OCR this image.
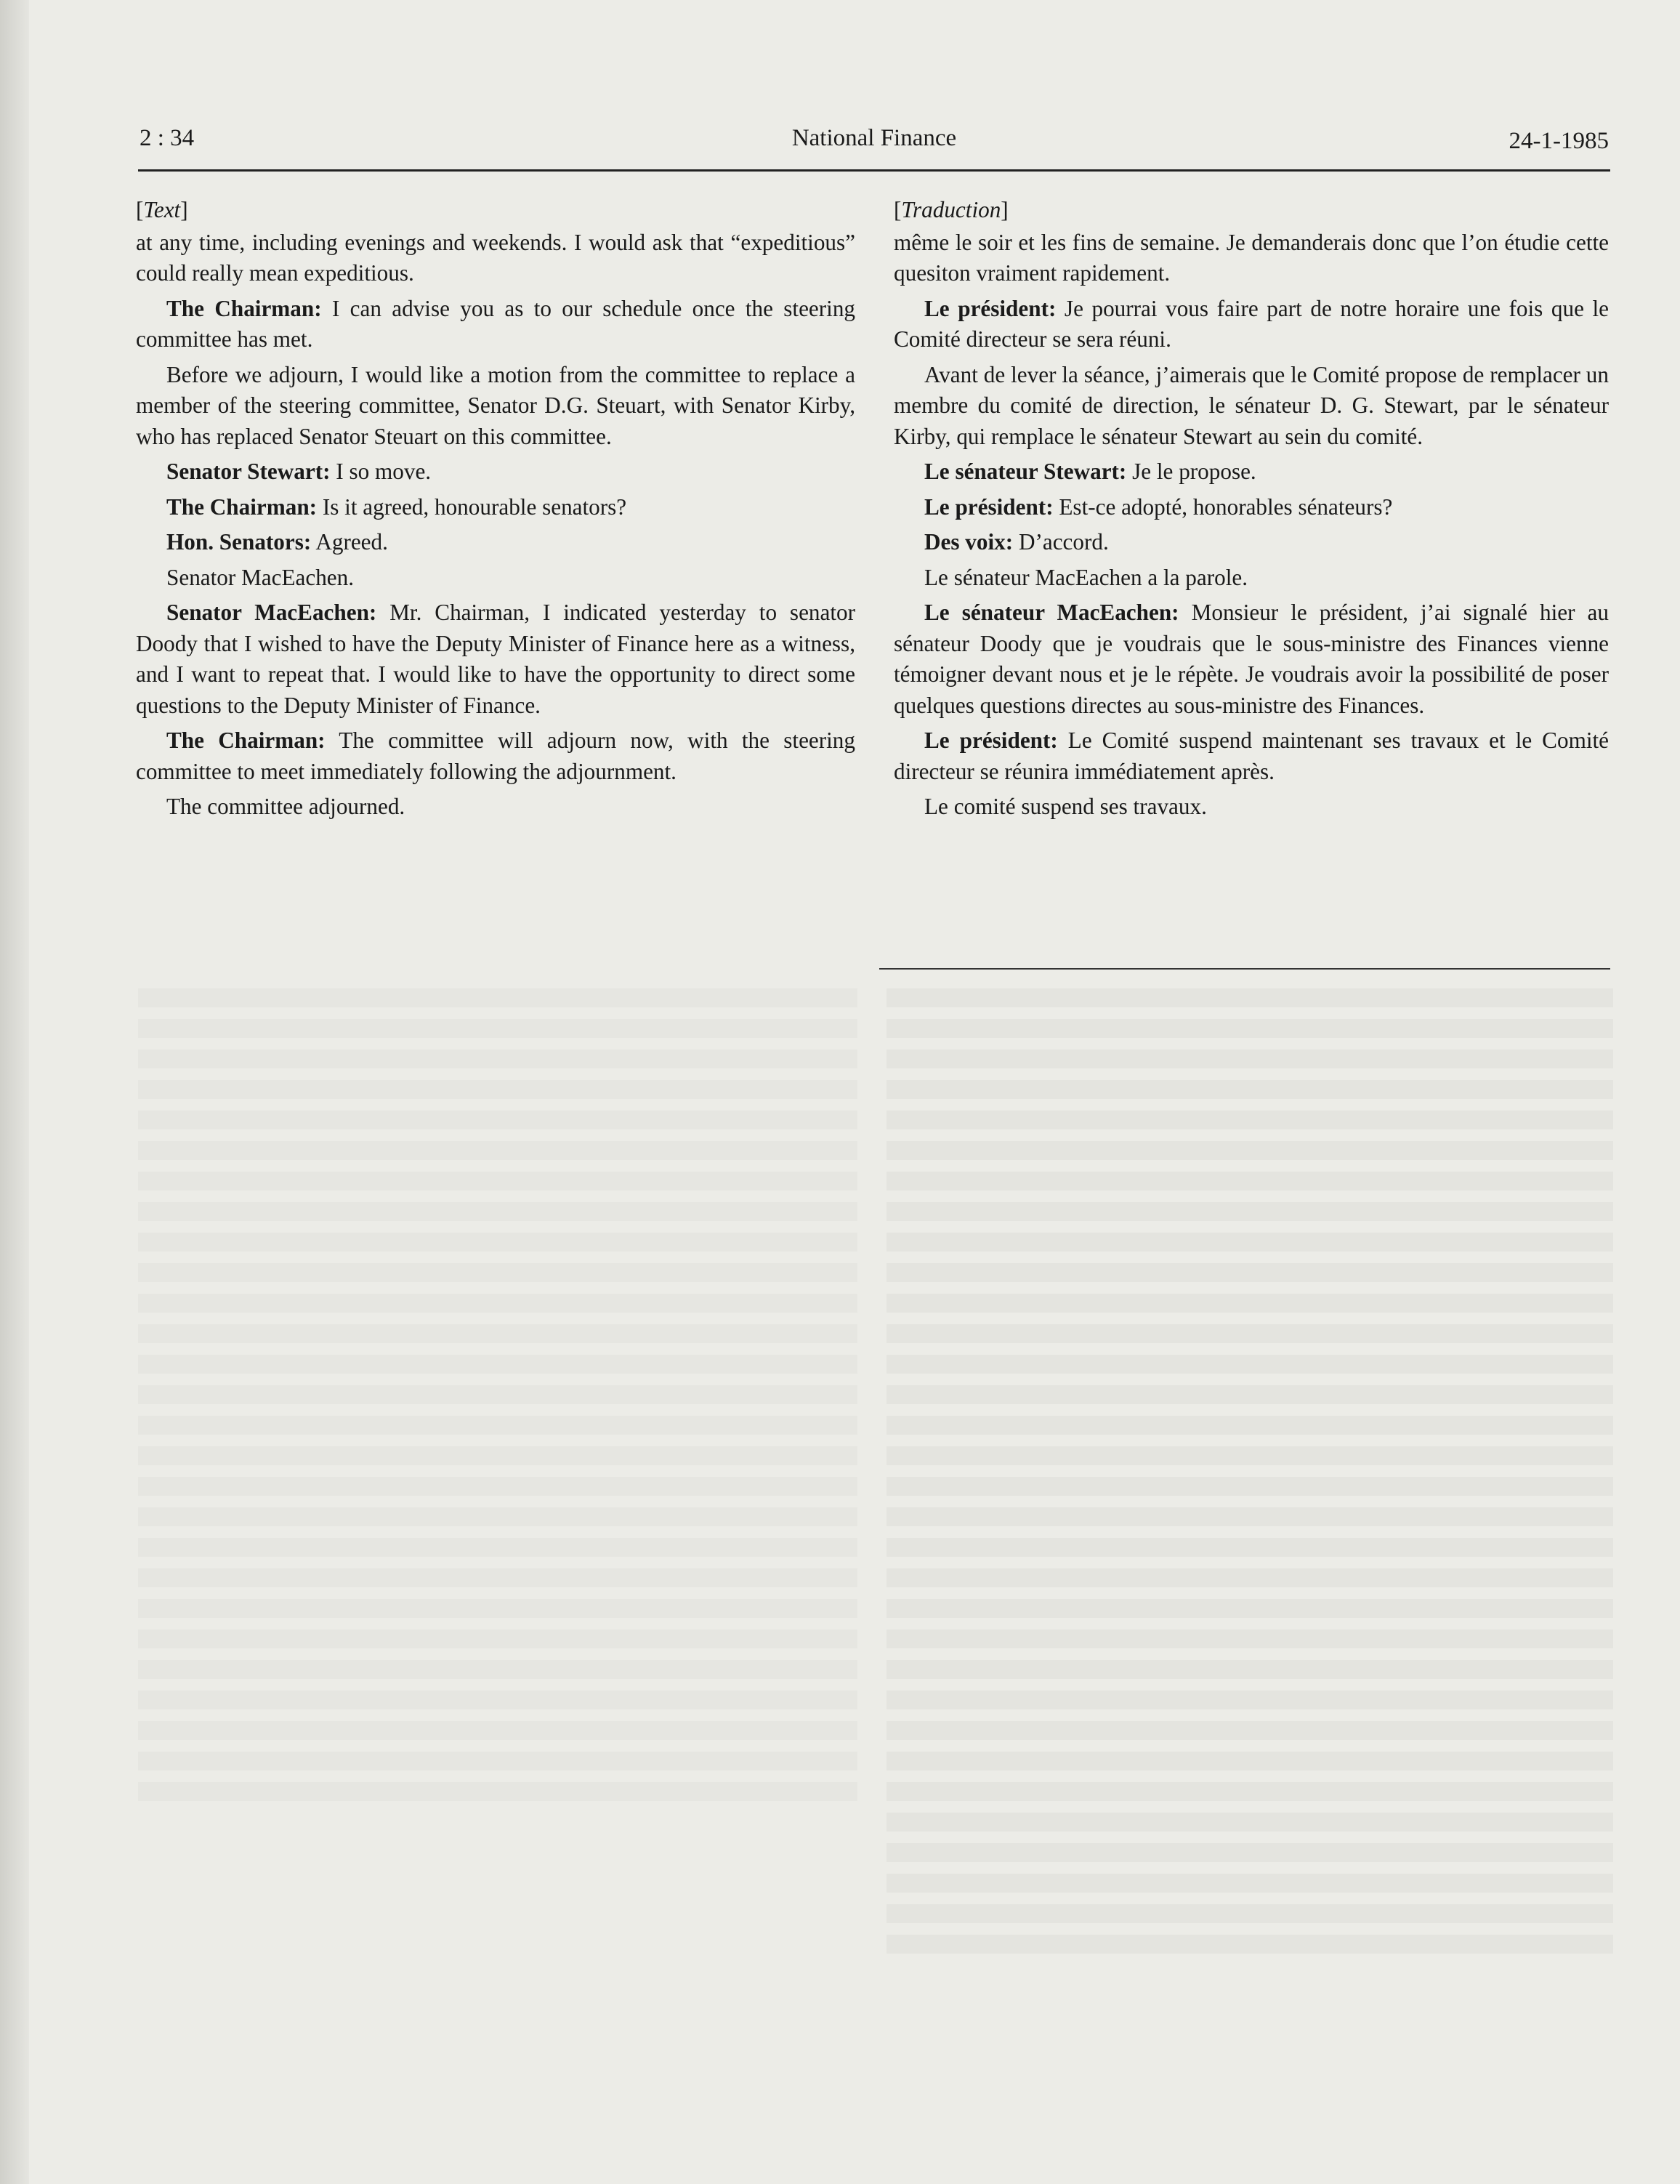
2 : 34	National Finance	24-1-1985
[Text]

at any time, including evenings and weekends. I would ask that “expeditious” could really mean expeditious.

The Chairman: I can advise you as to our schedule once the steering committee has met.

Before we adjourn, I would like a motion from the committee to replace a member of the steering committee, Senator D.G. Steuart, with Senator Kirby, who has replaced Senator Steuart on this committee.

Senator Stewart: I so move.

The Chairman: Is it agreed, honourable senators?

Hon. Senators: Agreed.

Senator MacEachen.

Senator MacEachen: Mr. Chairman, I indicated yesterday to senator Doody that I wished to have the Deputy Minister of Finance here as a witness, and I want to repeat that. I would like to have the opportunity to direct some questions to the Deputy Minister of Finance.

The Chairman: The committee will adjourn now, with the steering committee to meet immediately following the adjournment.

The committee adjourned.

[Traduction]

même le soir et les fins de semaine. Je demanderais donc que l’on étudie cette quesiton vraiment rapidement.

Le président: Je pourrai vous faire part de notre horaire une fois que le Comité directeur se sera réuni.

Avant de lever la séance, j’aimerais que le Comité propose de remplacer un membre du comité de direction, le sénateur D. G. Stewart, par le sénateur Kirby, qui remplace le sénateur Stewart au sein du comité.

Le sénateur Stewart: Je le propose.

Le président: Est-ce adopté, honorables sénateurs?

Des voix: D’accord.

Le sénateur MacEachen a la parole.

Le sénateur MacEachen: Monsieur le président, j’ai signalé hier au sénateur Doody que je voudrais que le sous-ministre des Finances vienne témoigner devant nous et je le répète. Je voudrais avoir la possibilité de poser quelques questions directes au sous-ministre des Finances.

Le président: Le Comité suspend maintenant ses travaux et le Comité directeur se réunira immédiatement après.

Le comité suspend ses travaux.
